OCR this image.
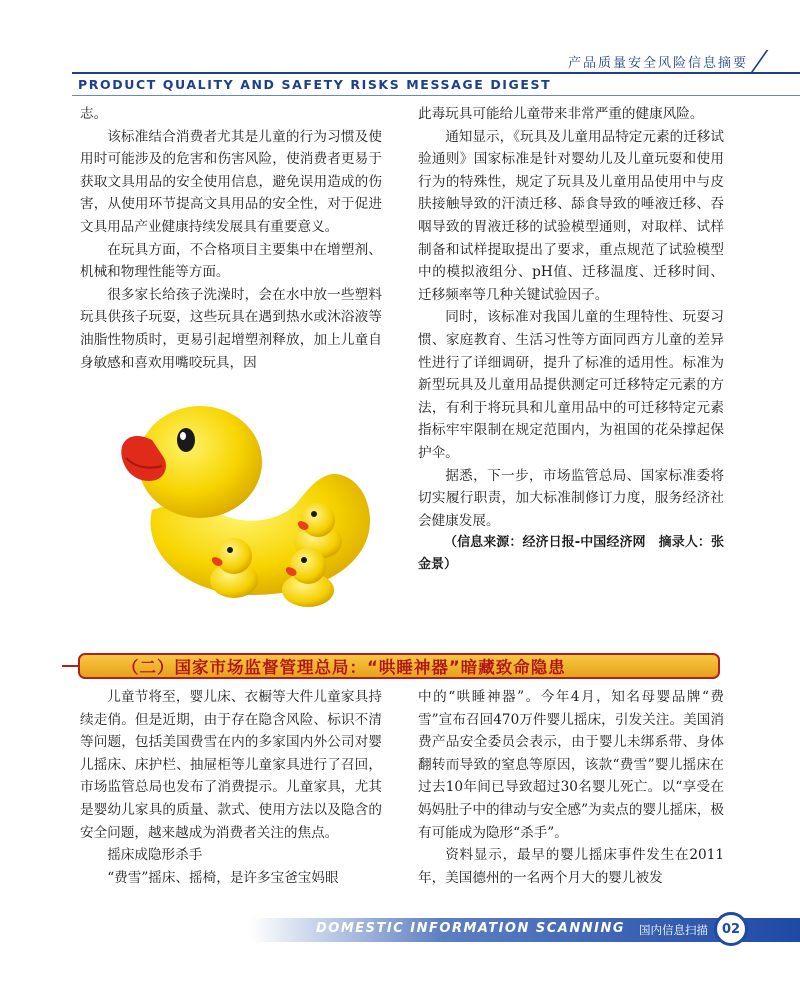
产品质量安全风险信息摘要
PRODUCT QUALITY AND SAFETY RISKS MESSAGE DIGEST

志。

该标准结合消费者尤其是儿童的行为习惯及使用时可能涉及的危害和伤害风险，使消费者更易于获取文具用品的安全使用信息，避免误用造成的伤害，从使用环节提高文具用品的安全性，对于促进文具用品产业健康持续发展具有重要意义。

在玩具方面，不合格项目主要集中在增塑剂、机械和物理性能等方面。

很多家长给孩子洗澡时，会在水中放一些塑料玩具供孩子玩耍，这些玩具在遇到热水或沐浴液等油脂性物质时，更易引起增塑剂释放，加上儿童自身敏感和喜欢用嘴咬玩具，因

此毒玩具可能给儿童带来非常严重的健康风险。

通知显示，《玩具及儿童用品特定元素的迁移试验通则》国家标准是针对婴幼儿及儿童玩耍和使用行为的特殊性，规定了玩具及儿童用品使用中与皮肤接触导致的汗渍迁移、舔食导致的唾液迁移、吞咽导致的胃液迁移的试验模型通则，对取样、试样制备和试样提取提出了要求，重点规范了试验模型中的模拟液组分、pH值、迁移温度、迁移时间、迁移频率等几种关键试验因子。

同时，该标准对我国儿童的生理特性、玩耍习惯、家庭教育、生活习性等方面同西方儿童的差异性进行了详细调研，提升了标准的适用性。标准为新型玩具及儿童用品提供测定可迁移特定元素的方法，有利于将玩具和儿童用品中的可迁移特定元素指标牢牢限制在规定范围内，为祖国的花朵撑起保护伞。

据悉，下一步，市场监管总局、国家标准委将切实履行职责，加大标准制修订力度，服务经济社会健康发展。

（信息来源：经济日报-中国经济网　摘录人：张金景）

（二）国家市场监督管理总局：“哄睡神器”暗藏致命隐患

儿童节将至，婴儿床、衣橱等大件儿童家具持续走俏。但是近期，由于存在隐含风险、标识不清等问题，包括美国费雪在内的多家国内外公司对婴儿摇床、床护栏、抽屉柜等儿童家具进行了召回，市场监管总局也发布了消费提示。儿童家具，尤其是婴幼儿家具的质量、款式、使用方法以及隐含的安全问题，越来越成为消费者关注的焦点。

摇床成隐形杀手

“费雪”摇床、摇椅，是许多宝爸宝妈眼

中的“哄睡神器”。今年4月，知名母婴品牌“费雪”宣布召回470万件婴儿摇床，引发关注。美国消费产品安全委员会表示，由于婴儿未绑系带、身体翻转而导致的窒息等原因，该款“费雪”婴儿摇床在过去10年间已导致超过30名婴儿死亡。以“享受在妈妈肚子中的律动与安全感”为卖点的婴儿摇床，极有可能成为隐形“杀手”。

资料显示，最早的婴儿摇床事件发生在2011年，美国德州的一名两个月大的婴儿被发

DOMESTIC INFORMATION SCANNING 国内信息扫描	02
